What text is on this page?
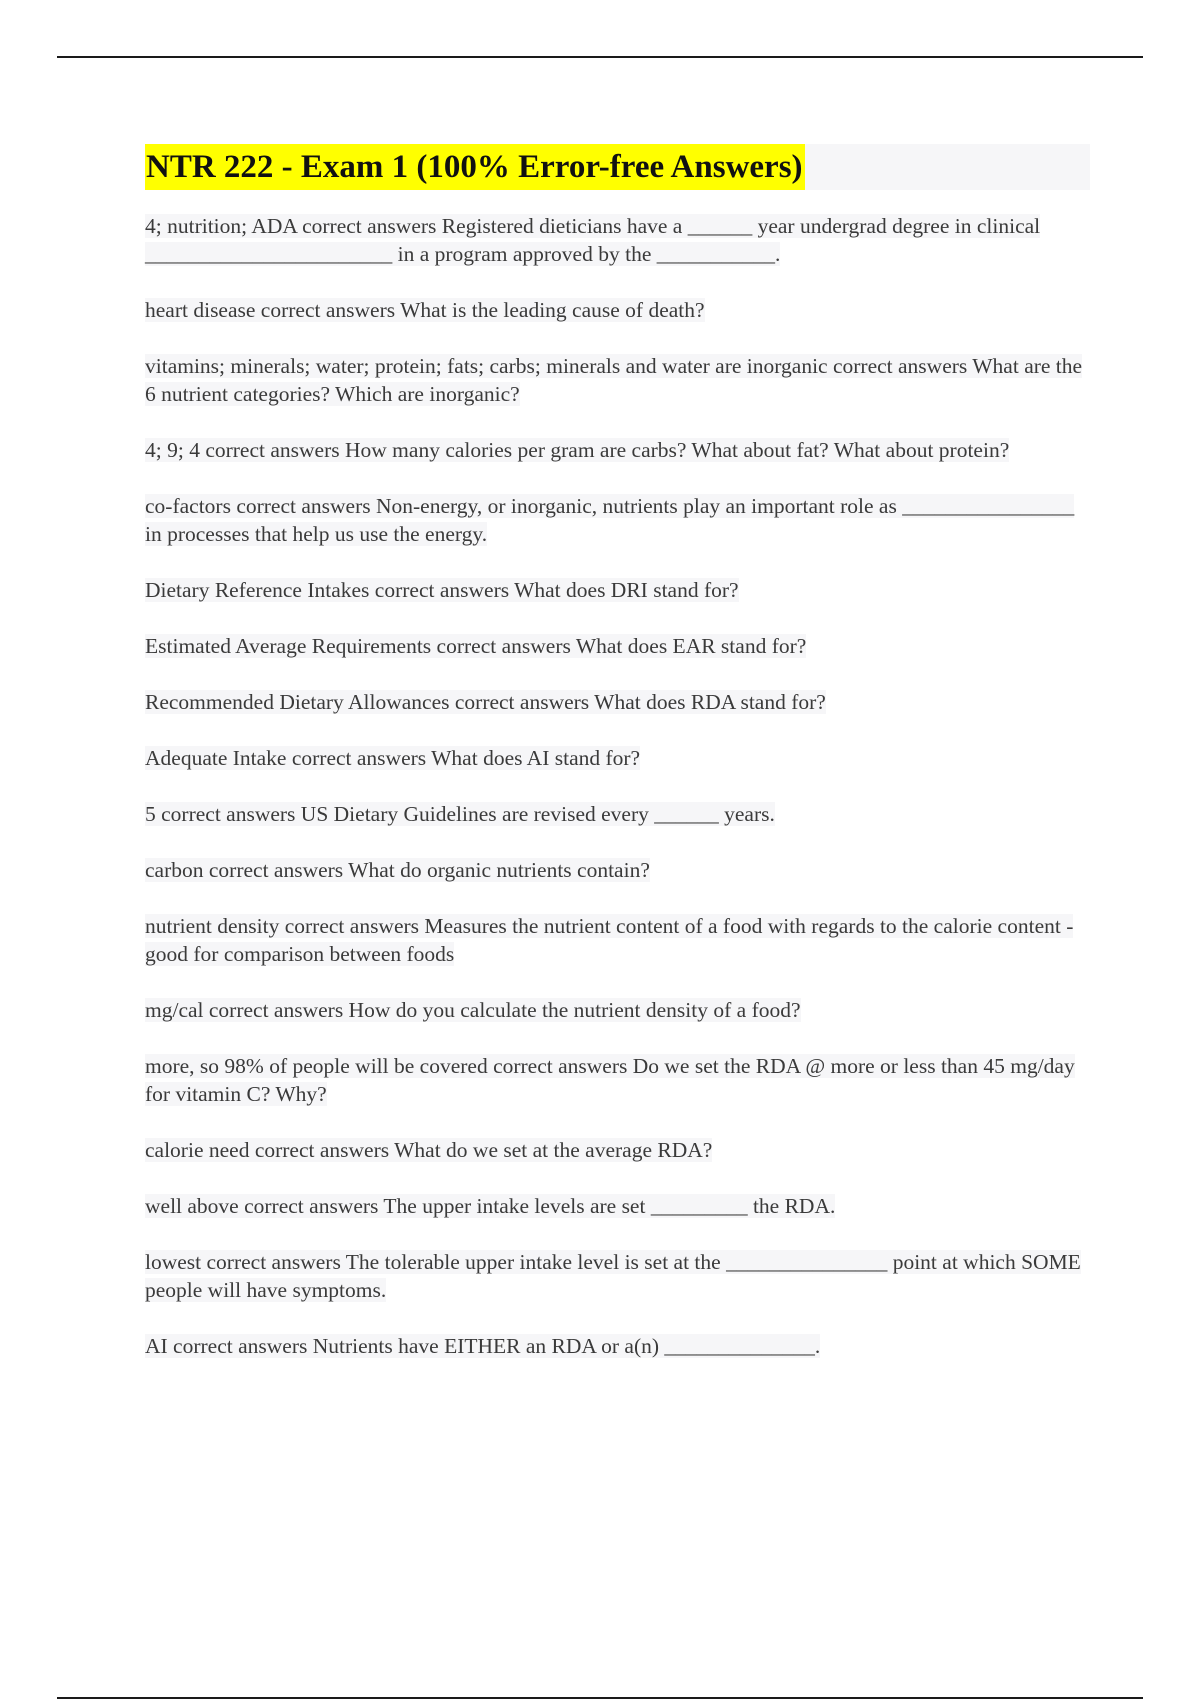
NTR 222 - Exam 1 (100% Error-free Answers)

4; nutrition; ADA correct answers Registered dieticians have a ______ year undergrad degree in clinical _______________________ in a program approved by the ___________.

heart disease correct answers What is the leading cause of death?

vitamins; minerals; water; protein; fats; carbs; minerals and water are inorganic correct answers What are the 6 nutrient categories? Which are inorganic?

4; 9; 4 correct answers How many calories per gram are carbs? What about fat? What about protein?

co-factors correct answers Non-energy, or inorganic, nutrients play an important role as ________________ in processes that help us use the energy.

Dietary Reference Intakes correct answers What does DRI stand for?

Estimated Average Requirements correct answers What does EAR stand for?

Recommended Dietary Allowances correct answers What does RDA stand for?

Adequate Intake correct answers What does AI stand for?

5 correct answers US Dietary Guidelines are revised every ______ years.

carbon correct answers What do organic nutrients contain?

nutrient density correct answers Measures the nutrient content of a food with regards to the calorie content - good for comparison between foods

mg/cal correct answers How do you calculate the nutrient density of a food?

more, so 98% of people will be covered correct answers Do we set the RDA @ more or less than 45 mg/day for vitamin C? Why?

calorie need correct answers What do we set at the average RDA?

well above correct answers The upper intake levels are set _________ the RDA.

lowest correct answers The tolerable upper intake level is set at the _______________ point at which SOME people will have symptoms.

AI correct answers Nutrients have EITHER an RDA or a(n) ______________.
